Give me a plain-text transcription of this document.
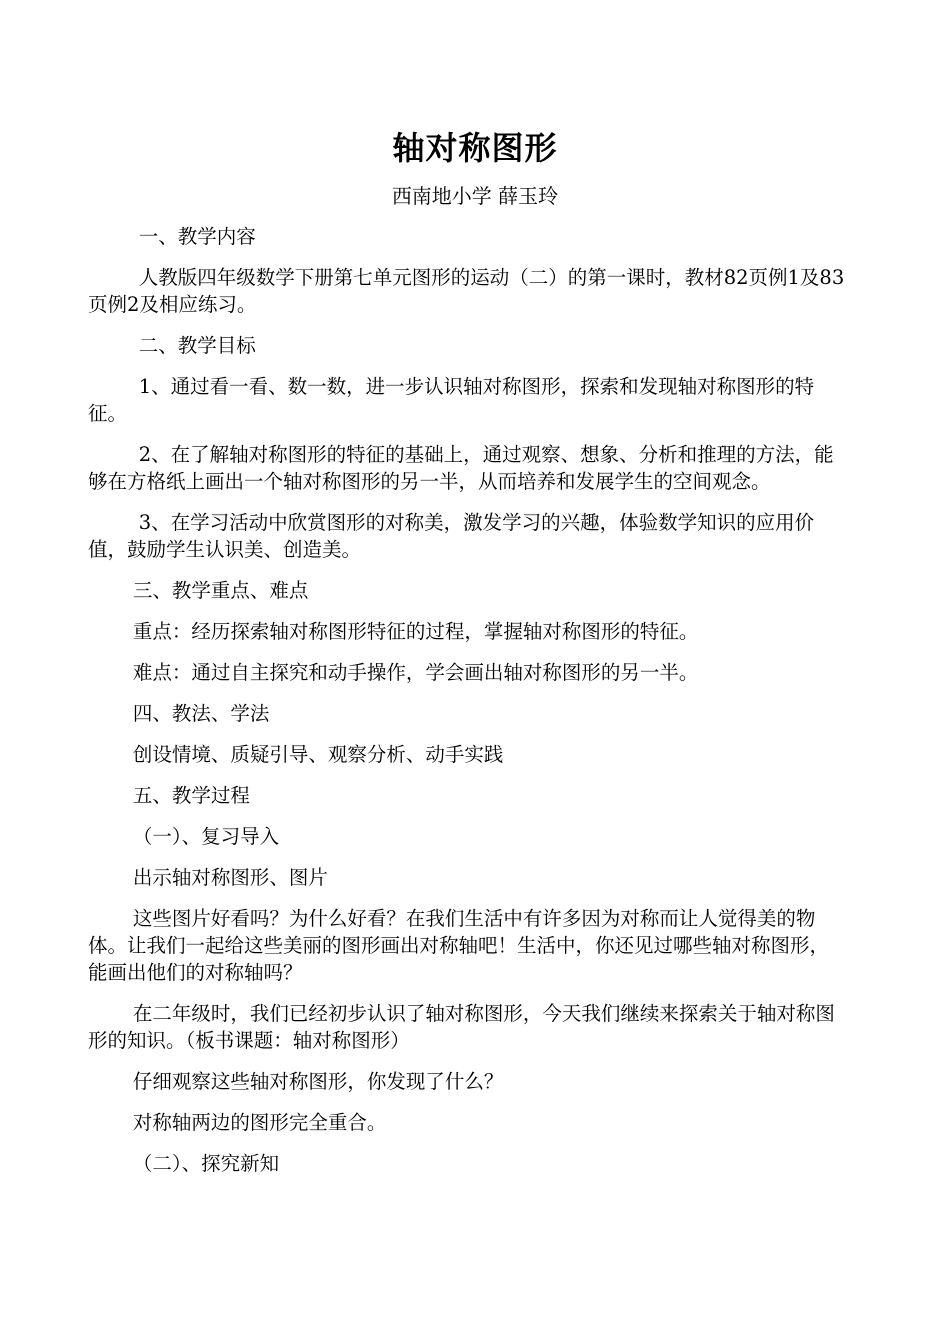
轴对称图形
西南地小学 薛玉玲

一、教学内容

人教版四年级数学下册第七单元图形的运动（二）的第一课时，教材82页例1及83页例2及相应练习。

二、教学目标

1、通过看一看、数一数，进一步认识轴对称图形，探索和发现轴对称图形的特征。

2、在了解轴对称图形的特征的基础上，通过观察、想象、分析和推理的方法，能够在方格纸上画出一个轴对称图形的另一半，从而培养和发展学生的空间观念。

3、在学习活动中欣赏图形的对称美，激发学习的兴趣，体验数学知识的应用价值，鼓励学生认识美、创造美。

三、教学重点、难点

重点：经历探索轴对称图形特征的过程，掌握轴对称图形的特征。

难点：通过自主探究和动手操作，学会画出轴对称图形的另一半。

四、教法、学法

创设情境、质疑引导、观察分析、动手实践

五、教学过程

（一）、复习导入

出示轴对称图形、图片

这些图片好看吗？为什么好看？在我们生活中有许多因为对称而让人觉得美的物体。让我们一起给这些美丽的图形画出对称轴吧！生活中，你还见过哪些轴对称图形，能画出他们的对称轴吗？

在二年级时，我们已经初步认识了轴对称图形，今天我们继续来探索关于轴对称图形的知识。（板书课题：轴对称图形）

仔细观察这些轴对称图形，你发现了什么？

对称轴两边的图形完全重合。

（二）、探究新知
